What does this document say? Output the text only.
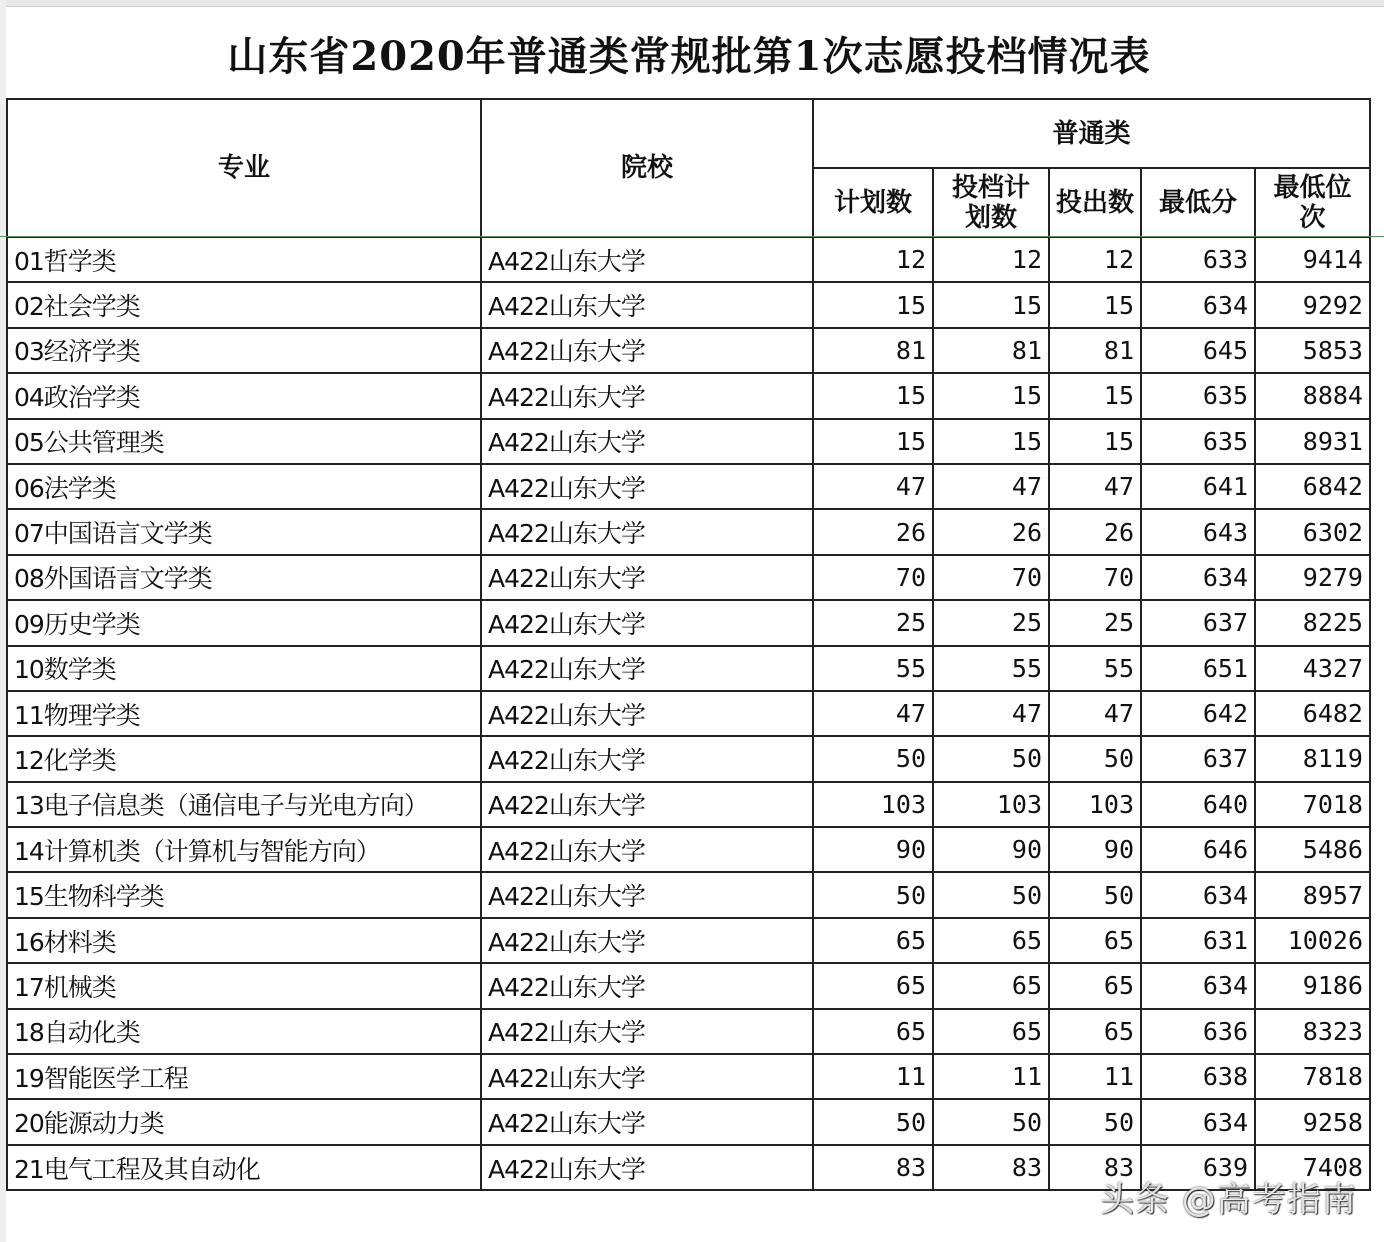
山东省2020年普通类常规批第1次志愿投档情况表
专业	院校	普通类				
		计划数	投档计划数	投出数	最低分	最低位次
01哲学类	A422山东大学	12	12	12	633	9414
02社会学类	A422山东大学	15	15	15	634	9292
03经济学类	A422山东大学	81	81	81	645	5853
04政治学类	A422山东大学	15	15	15	635	8884
05公共管理类	A422山东大学	15	15	15	635	8931
06法学类	A422山东大学	47	47	47	641	6842
07中国语言文学类	A422山东大学	26	26	26	643	6302
08外国语言文学类	A422山东大学	70	70	70	634	9279
09历史学类	A422山东大学	25	25	25	637	8225
10数学类	A422山东大学	55	55	55	651	4327
11物理学类	A422山东大学	47	47	47	642	6482
12化学类	A422山东大学	50	50	50	637	8119
13电子信息类（通信电子与光电方向）	A422山东大学	103	103	103	640	7018
14计算机类（计算机与智能方向）	A422山东大学	90	90	90	646	5486
15生物科学类	A422山东大学	50	50	50	634	8957
16材料类	A422山东大学	65	65	65	631	10026
17机械类	A422山东大学	65	65	65	634	9186
18自动化类	A422山东大学	65	65	65	636	8323
19智能医学工程	A422山东大学	11	11	11	638	7818
20能源动力类	A422山东大学	50	50	50	634	9258
21电气工程及其自动化	A422山东大学	83	83	83	639	7408
头条 @高考指南
